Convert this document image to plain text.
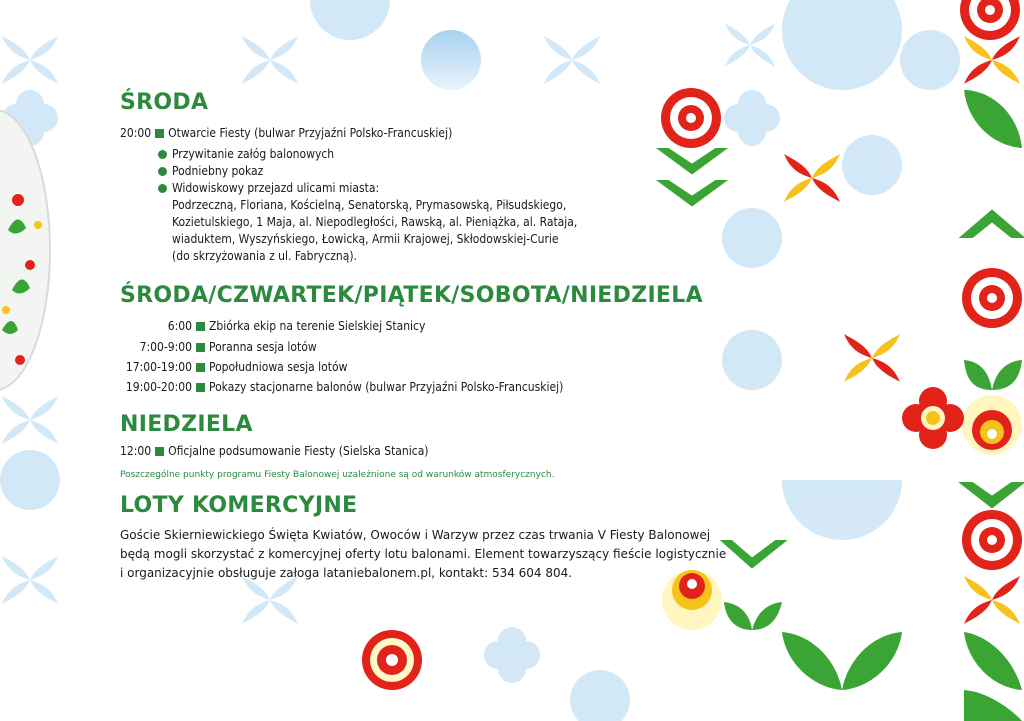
ŚRODA
20:00 Otwarcie Fiesty (bulwar Przyjaźni Polsko-Francuskiej)
Przywitanie załóg balonowych
Podniebny pokaz
Widowiskowy przejazd ulicami miasta:
Podrzeczną, Floriana, Kościelną, Senatorską, Prymasowską, Piłsudskiego,
Kozietulskiego, 1 Maja, al. Niepodległości, Rawską, al. Pieniążka, al. Rataja,
wiaduktem, Wyszyńskiego, Łowicką, Armii Krajowej, Skłodowskiej-Curie
(do skrzyżowania z ul. Fabryczną).
ŚRODA/CZWARTEK/PIĄTEK/SOBOTA/NIEDZIELA
6:00 Zbiórka ekip na terenie Sielskiej Stanicy
7:00-9:00 Poranna sesja lotów
17:00-19:00 Popołudniowa sesja lotów
19:00-20:00 Pokazy stacjonarne balonów (bulwar Przyjaźni Polsko-Francuskiej)
NIEDZIELA
12:00 Oficjalne podsumowanie Fiesty (Sielska Stanica)
Poszczególne punkty programu Fiesty Balonowej uzależnione są od warunków atmosferycznych.
LOTY KOMERCYJNE
Goście Skierniewickiego Święta Kwiatów, Owoców i Warzyw przez czas trwania V Fiesty Balonowej
będą mogli skorzystać z komercyjnej oferty lotu balonami. Element towarzyszący fieście logistycznie
i organizacyjnie obsługuje załoga lataniebalonem.pl, kontakt: 534 604 804.
